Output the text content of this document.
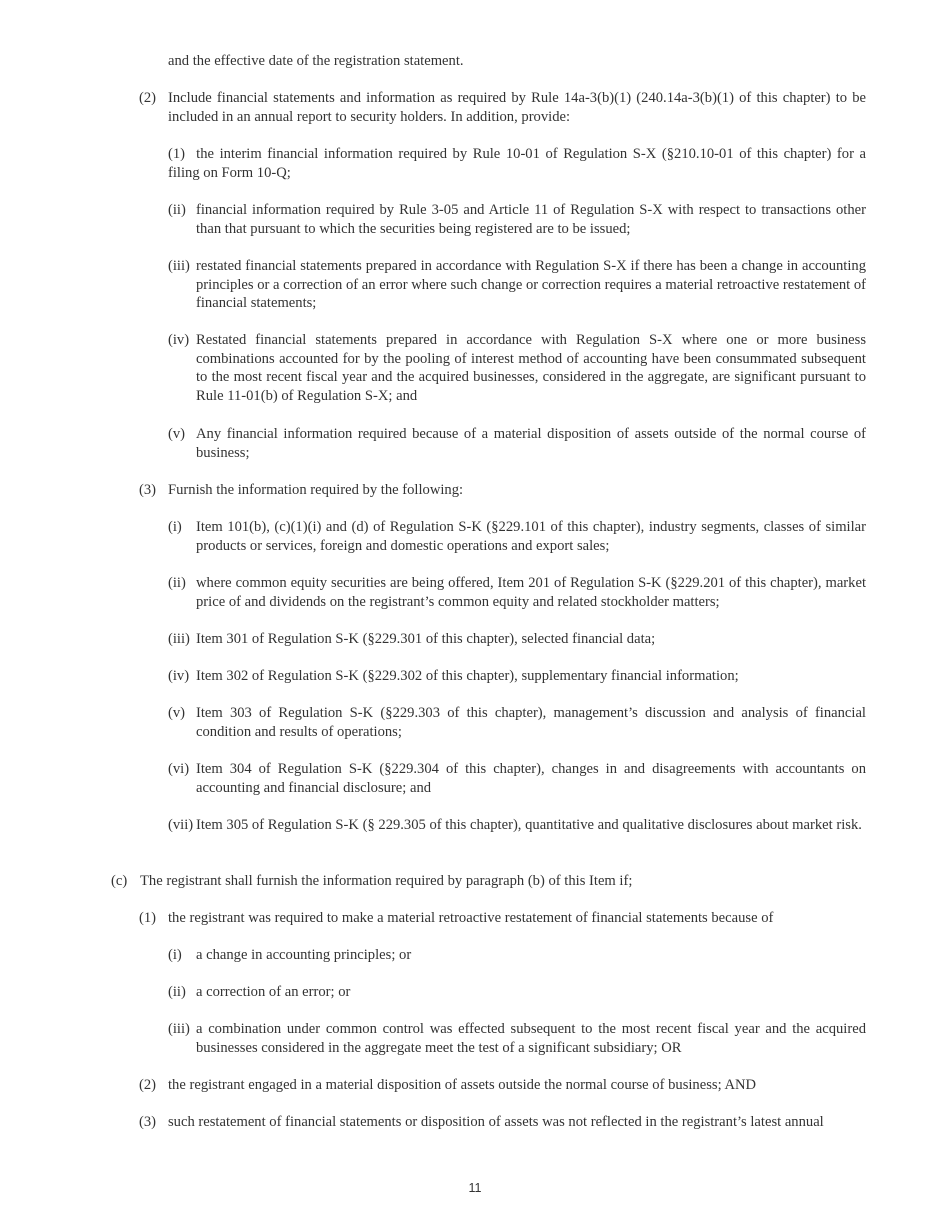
and the effective date of the registration statement.
(2) Include financial statements and information as required by Rule 14a-3(b)(1) (240.14a-3(b)(1) of this chapter) to be included in an annual report to security holders. In addition, provide:
(1) the interim financial information required by Rule 10-01 of Regulation S-X (§210.10-01 of this chapter) for a filing on Form 10-Q;
(ii) financial information required by Rule 3-05 and Article 11 of Regulation S-X with respect to transactions other than that pursuant to which the securities being registered are to be issued;
(iii) restated financial statements prepared in accordance with Regulation S-X if there has been a change in accounting principles or a correction of an error where such change or correction requires a material retroactive restatement of financial statements;
(iv) Restated financial statements prepared in accordance with Regulation S-X where one or more business combinations accounted for by the pooling of interest method of accounting have been consummated subsequent to the most recent fiscal year and the acquired businesses, considered in the aggregate, are significant pursuant to Rule 11-01(b) of Regulation S-X; and
(v) Any financial information required because of a material disposition of assets outside of the normal course of business;
(3) Furnish the information required by the following:
(i) Item 101(b), (c)(1)(i) and (d) of Regulation S-K (§229.101 of this chapter), industry segments, classes of similar products or services, foreign and domestic operations and export sales;
(ii) where common equity securities are being offered, Item 201 of Regulation S-K (§229.201 of this chapter), market price of and dividends on the registrant’s common equity and related stockholder matters;
(iii) Item 301 of Regulation S-K (§229.301 of this chapter), selected financial data;
(iv) Item 302 of Regulation S-K (§229.302 of this chapter), supplementary financial information;
(v) Item 303 of Regulation S-K (§229.303 of this chapter), management’s discussion and analysis of financial condition and results of operations;
(vi) Item 304 of Regulation S-K (§229.304 of this chapter), changes in and disagreements with accountants on accounting and financial disclosure; and
(vii) Item 305 of Regulation S-K (§ 229.305 of this chapter), quantitative and qualitative disclosures about market risk.
(c) The registrant shall furnish the information required by paragraph (b) of this Item if;
(1) the registrant was required to make a material retroactive restatement of financial statements because of
(i) a change in accounting principles; or
(ii) a correction of an error; or
(iii) a combination under common control was effected subsequent to the most recent fiscal year and the acquired businesses considered in the aggregate meet the test of a significant subsidiary; OR
(2) the registrant engaged in a material disposition of assets outside the normal course of business; AND
(3) such restatement of financial statements or disposition of assets was not reflected in the registrant’s latest annual
11
